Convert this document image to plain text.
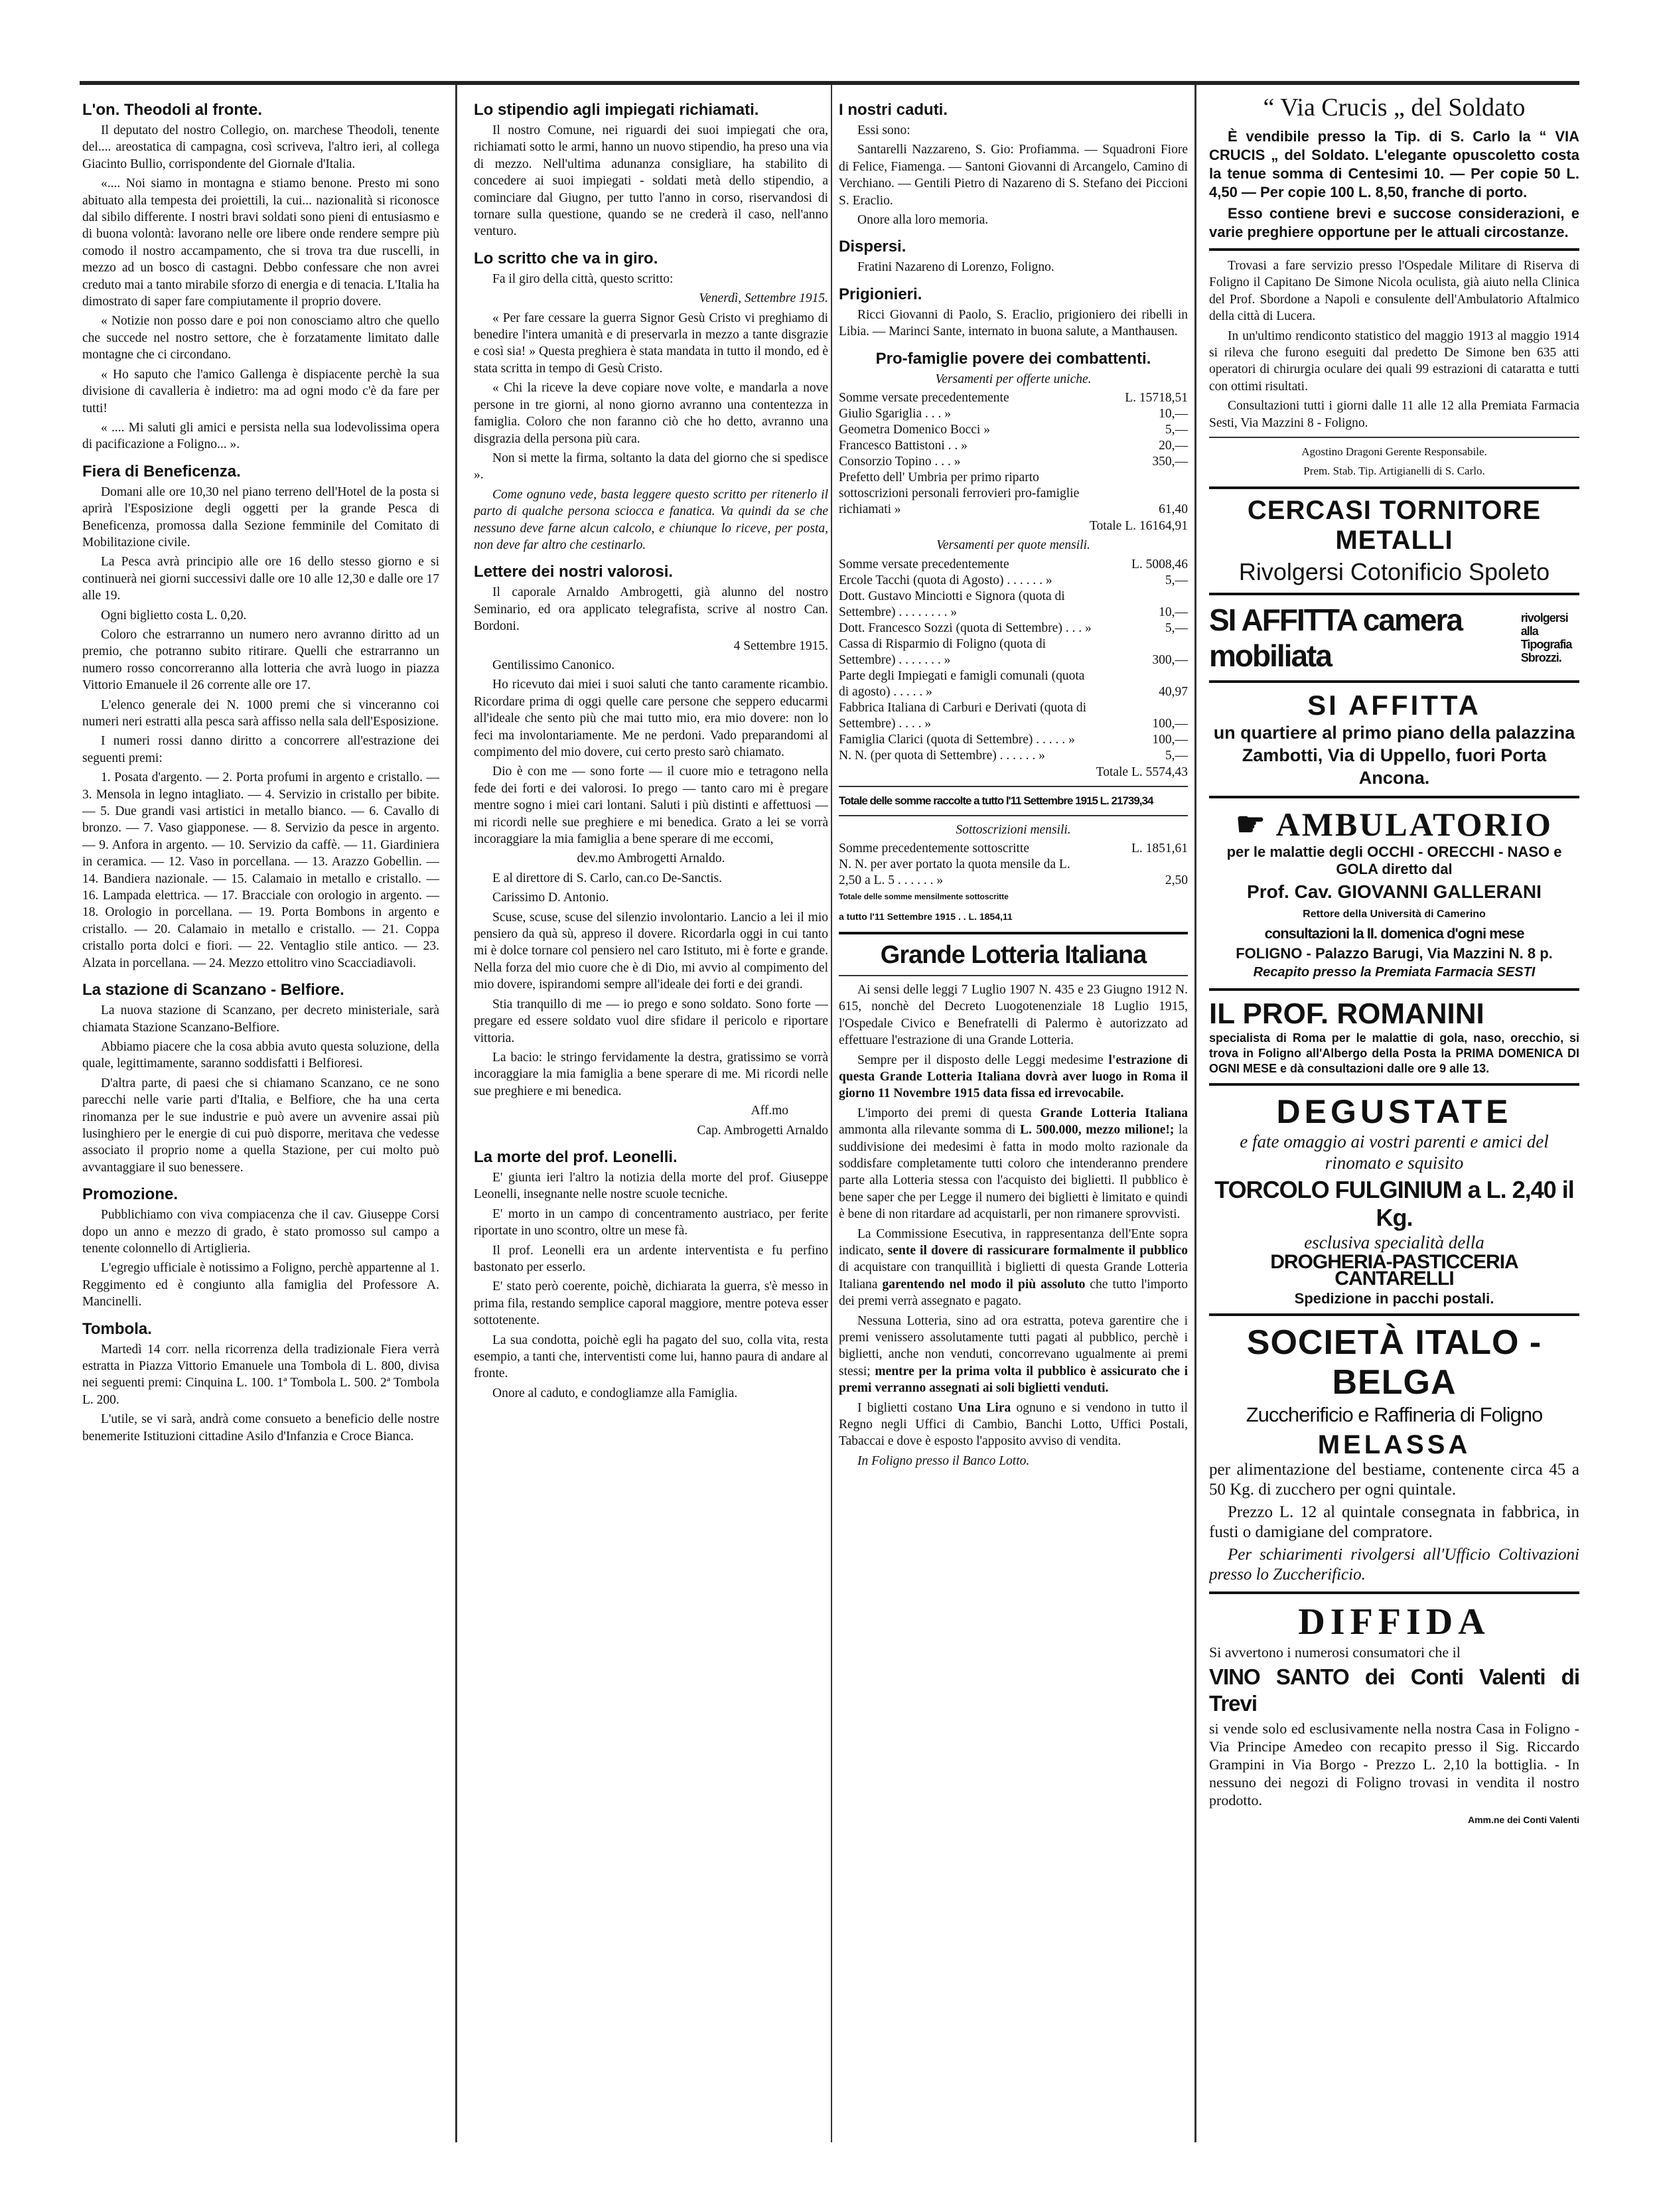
L'on. Theodoli al fronte.

Il deputato del nostro Collegio, on. marchese Theodoli, tenente del.... areostatica di campagna, così scriveva, l'altro ieri, al collega Giacinto Bullio, corrispondente del Giornale d'Italia.

«.... Noi siamo in montagna e stiamo benone. Presto mi sono abituato alla tempesta dei proiettili, la cui... nazionalità si riconosce dal sibilo differente. I nostri bravi soldati sono pieni di entusiasmo e di buona volontà: lavorano nelle ore libere onde rendere sempre più comodo il nostro accampamento, che si trova tra due ruscelli, in mezzo ad un bosco di castagni. Debbo confessare che non avrei creduto mai a tanto mirabile sforzo di energia e di tenacia. L'Italia ha dimostrato di saper fare compiutamente il proprio dovere.

« Notizie non posso dare e poi non conosciamo altro che quello che succede nel nostro settore, che è forzatamente limitato dalle montagne che ci circondano.

« Ho saputo che l'amico Gallenga è dispiacente perchè la sua divisione di cavalleria è indietro: ma ad ogni modo c'è da fare per tutti!

« .... Mi saluti gli amici e persista nella sua lodevolissima opera di pacificazione a Foligno... ».

Fiera di Beneficenza.

Domani alle ore 10,30 nel piano terreno dell'Hotel de la posta si aprirà l'Esposizione degli oggetti per la grande Pesca di Beneficenza, promossa dalla Sezione femminile del Comitato di Mobilitazione civile.

La Pesca avrà principio alle ore 16 dello stesso giorno e si continuerà nei giorni successivi dalle ore 10 alle 12,30 e dalle ore 17 alle 19.

Ogni biglietto costa L. 0,20.

Coloro che estrarranno un numero nero avranno diritto ad un premio, che potranno subito ritirare. Quelli che estrarranno un numero rosso concorreranno alla lotteria che avrà luogo in piazza Vittorio Emanuele il 26 corrente alle ore 17.

L'elenco generale dei N. 1000 premi che si vinceranno coi numeri neri estratti alla pesca sarà affisso nella sala dell'Esposizione.

I numeri rossi danno diritto a concorrere all'estrazione dei seguenti premi:

1. Posata d'argento. — 2. Porta profumi in argento e cristallo. — 3. Mensola in legno intagliato. — 4. Servizio in cristallo per bibite. — 5. Due grandi vasi artistici in metallo bianco. — 6. Cavallo di bronzo. — 7. Vaso giapponese. — 8. Servizio da pesce in argento. — 9. Anfora in argento. — 10. Servizio da caffè. — 11. Giardiniera in ceramica. — 12. Vaso in porcellana. — 13. Arazzo Gobellin. — 14. Bandiera nazionale. — 15. Calamaio in metallo e cristallo. — 16. Lampada elettrica. — 17. Bracciale con orologio in argento. — 18. Orologio in porcellana. — 19. Porta Bombons in argento e cristallo. — 20. Calamaio in metallo e cristallo. — 21. Coppa cristallo porta dolci e fiori. — 22. Ventaglio stile antico. — 23. Alzata in porcellana. — 24. Mezzo ettolitro vino Scacciadiavoli.

La stazione di Scanzano - Belfiore.

La nuova stazione di Scanzano, per decreto ministeriale, sarà chiamata Stazione Scanzano-Belfiore.

Abbiamo piacere che la cosa abbia avuto questa soluzione, della quale, legittimamente, saranno soddisfatti i Belfioresi.

D'altra parte, di paesi che si chiamano Scanzano, ce ne sono parecchi nelle varie parti d'Italia, e Belfiore, che ha una certa rinomanza per le sue industrie e può avere un avvenire assai più lusinghiero per le energie di cui può disporre, meritava che vedesse associato il proprio nome a quella Stazione, per cui molto può avvantaggiare il suo benessere.

Promozione.

Pubblichiamo con viva compiacenza che il cav. Giuseppe Corsi dopo un anno e mezzo di grado, è stato promosso sul campo a tenente colonnello di Artiglieria.

L'egregio ufficiale è notissimo a Foligno, perchè appartenne al 1. Reggimento ed è congiunto alla famiglia del Professore A. Mancinelli.

Tombola.

Martedì 14 corr. nella ricorrenza della tradizionale Fiera verrà estratta in Piazza Vittorio Emanuele una Tombola di L. 800, divisa nei seguenti premi: Cinquina L. 100. 1ª Tombola L. 500. 2ª Tombola L. 200.

L'utile, se vi sarà, andrà come consueto a beneficio delle nostre benemerite Istituzioni cittadine Asilo d'Infanzia e Croce Bianca.

Lo stipendio agli impiegati richiamati.

Il nostro Comune, nei riguardi dei suoi impiegati che ora, richiamati sotto le armi, hanno un nuovo stipendio, ha preso una via di mezzo. Nell'ultima adunanza consigliare, ha stabilito di concedere ai suoi impiegati - soldati metà dello stipendio, a cominciare dal Giugno, per tutto l'anno in corso, riservandosi di tornare sulla questione, quando se ne crederà il caso, nell'anno venturo.

Lo scritto che va in giro.

Fa il giro della città, questo scritto:

Venerdì, Settembre 1915.

« Per fare cessare la guerra Signor Gesù Cristo vi preghiamo di benedire l'intera umanità e di preservarla in mezzo a tante disgrazie e così sia! » Questa preghiera è stata mandata in tutto il mondo, ed è stata scritta in tempo di Gesù Cristo.

« Chi la riceve la deve copiare nove volte, e mandarla a nove persone in tre giorni, al nono giorno avranno una contentezza in famiglia. Coloro che non faranno ciò che ho detto, avranno una disgrazia della persona più cara.

Non si mette la firma, soltanto la data del giorno che si spedisce ».

Come ognuno vede, basta leggere questo scritto per ritenerlo il parto di qualche persona sciocca e fanatica. Va quindi da se che nessuno deve farne alcun calcolo, e chiunque lo riceve, per posta, non deve far altro che cestinarlo.

Lettere dei nostri valorosi.

Il caporale Arnaldo Ambrogetti, già alunno del nostro Seminario, ed ora applicato telegrafista, scrive al nostro Can. Bordoni.

4 Settembre 1915.

Gentilissimo Canonico.

Ho ricevuto dai miei i suoi saluti che tanto caramente ricambio. Ricordare prima di oggi quelle care persone che seppero educarmi all'ideale che sento più che mai tutto mio, era mio dovere: non lo feci ma involontariamente. Me ne perdoni. Vado preparandomi al compimento del mio dovere, cui certo presto sarò chiamato.

Dio è con me — sono forte — il cuore mio e tetragono nella fede dei forti e dei valorosi. Io prego — tanto caro mi è pregare mentre sogno i miei cari lontani. Saluti i più distinti e affettuosi — mi ricordi nelle sue preghiere e mi benedica. Grato a lei se vorrà incoraggiare la mia famiglia a bene sperare di me eccomi,

dev.mo Ambrogetti Arnaldo.

E al direttore di S. Carlo, can.co De-Sanctis.

Carissimo D. Antonio.

Scuse, scuse, scuse del silenzio involontario. Lancio a lei il mio pensiero da quà sù, appreso il dovere. Ricordarla oggi in cui tanto mi è dolce tornare col pensiero nel caro Istituto, mi è forte e grande. Nella forza del mio cuore che è di Dio, mi avvio al compimento del mio dovere, ispirandomi sempre all'ideale dei forti e dei grandi.

Stia tranquillo di me — io prego e sono soldato. Sono forte — pregare ed essere soldato vuol dire sfidare il pericolo e riportare vittoria.

La bacio: le stringo fervidamente la destra, gratissimo se vorrà incoraggiare la mia famiglia a bene sperare di me. Mi ricordi nelle sue preghiere e mi benedica.

Aff.mo

Cap. Ambrogetti Arnaldo

La morte del prof. Leonelli.

E' giunta ieri l'altro la notizia della morte del prof. Giuseppe Leonelli, insegnante nelle nostre scuole tecniche.

E' morto in un campo di concentramento austriaco, per ferite riportate in uno scontro, oltre un mese fà.

Il prof. Leonelli era un ardente interventista e fu perfino bastonato per esserlo.

E' stato però coerente, poichè, dichiarata la guerra, s'è messo in prima fila, restando semplice caporal maggiore, mentre poteva esser sottotenente.

La sua condotta, poichè egli ha pagato del suo, colla vita, resta esempio, a tanti che, interventisti come lui, hanno paura di andare al fronte.

Onore al caduto, e condogliamze alla Famiglia.

I nostri caduti.

Essi sono:

Santarelli Nazzareno, S. Gio: Profiamma. — Squadroni Fiore di Felice, Fiamenga. — Santoni Giovanni di Arcangelo, Camino di Verchiano. — Gentili Pietro di Nazareno di S. Stefano dei Piccioni S. Eraclio.

Onore alla loro memoria.

Dispersi.

Fratini Nazareno di Lorenzo, Foligno.

Prigionieri.

Ricci Giovanni di Paolo, S. Eraclio, prigioniero dei ribelli in Libia. — Marinci Sante, internato in buona salute, a Manthausen.

Pro-famiglie povere dei combattenti.

Versamenti per offerte uniche.

Somme versate precedentemente	L. 15718,51
Giulio Sgariglia . . . »	10,—
Geometra Domenico Bocci »	5,—
Francesco Battistoni . . »	20,—
Consorzio Topino . . . »	350,—
Prefetto dell' Umbria per primo riparto sottoscrizioni personali ferrovieri pro-famiglie richiamati »	61,40

Totale L. 16164,91

Versamenti per quote mensili.

Somme versate precedentemente	L. 5008,46
Ercole Tacchi (quota di Agosto) . . . . . . »	5,—
Dott. Gustavo Minciotti e Signora (quota di Settembre) . . . . . . . . »	10,—
Dott. Francesco Sozzi (quota di Settembre) . . . »	5,—
Cassa di Risparmio di Foligno (quota di Settembre) . . . . . . . »	300,—
Parte degli Impiegati e famigli comunali (quota di agosto) . . . . . »	40,97
Fabbrica Italiana di Carburi e Derivati (quota di Settembre) . . . . »	100,—
Famiglia Clarici (quota di Settembre) . . . . . »	100,—
N. N. (per quota di Settembre) . . . . . . »	5,—

Totale L. 5574,43

Totale delle somme raccolte a tutto l'11 Settembre 1915 L. 21739,34

Sottoscrizioni mensili.

Somme precedentemente sottoscritte	L. 1851,61
N. N. per aver portato la quota mensile da L. 2,50 a L. 5 . . . . . . »	2,50

Totale delle somme mensilmente sottoscritte

a tutto l'11 Settembre 1915 . . L. 1854,11

Grande Lotteria Italiana

Ai sensi delle leggi 7 Luglio 1907 N. 435 e 23 Giugno 1912 N. 615, nonchè del Decreto Luogotenenziale 18 Luglio 1915, l'Ospedale Civico e Benefratelli di Palermo è autorizzato ad effettuare l'estrazione di una Grande Lotteria.

Sempre per il disposto delle Leggi medesime l'estrazione di questa Grande Lotteria Italiana dovrà aver luogo in Roma il giorno 11 Novembre 1915 data fissa ed irrevocabile.

L'importo dei premi di questa Grande Lotteria Italiana ammonta alla rilevante somma di L. 500.000, mezzo milione!; la suddivisione dei medesimi è fatta in modo molto razionale da soddisfare completamente tutti coloro che intenderanno prendere parte alla Lotteria stessa con l'acquisto dei biglietti. Il pubblico è bene saper che per Legge il numero dei biglietti è limitato e quindi è bene di non ritardare ad acquistarli, per non rimanere sprovvisti.

La Commissione Esecutiva, in rappresentanza dell'Ente sopra indicato, sente il dovere di rassicurare formalmente il pubblico di acquistare con tranquillità i biglietti di questa Grande Lotteria Italiana garentendo nel modo il più assoluto che tutto l'importo dei premi verrà assegnato e pagato.

Nessuna Lotteria, sino ad ora estratta, poteva garentire che i premi venissero assolutamente tutti pagati al pubblico, perchè i biglietti, anche non venduti, concorrevano ugualmente ai premi stessi; mentre per la prima volta il pubblico è assicurato che i premi verranno assegnati ai soli biglietti venduti.

I biglietti costano Una Lira ognuno e si vendono in tutto il Regno negli Uffici di Cambio, Banchi Lotto, Uffici Postali, Tabaccai e dove è esposto l'apposito avviso di vendita.

In Foligno presso il Banco Lotto.

“ Via Crucis „ del Soldato

È vendibile presso la Tip. di S. Carlo la “ VIA CRUCIS „ del Soldato. L'elegante opuscoletto costa la tenue somma di Centesimi 10. — Per copie 50 L. 4,50 — Per copie 100 L. 8,50, franche di porto.

Esso contiene brevi e succose considerazioni, e varie preghiere opportune per le attuali circostanze.

Trovasi a fare servizio presso l'Ospedale Militare di Riserva di Foligno il Capitano De Simone Nicola oculista, già aiuto nella Clinica del Prof. Sbordone a Napoli e consulente dell'Ambulatorio Aftalmico della città di Lucera.

In un'ultimo rendiconto statistico del maggio 1913 al maggio 1914 si rileva che furono eseguiti dal predetto De Simone ben 635 atti operatori di chirurgia oculare dei quali 99 estrazioni di cataratta e tutti con ottimi risultati.

Consultazioni tutti i giorni dalle 11 alle 12 alla Premiata Farmacia Sesti, Via Mazzini 8 - Foligno.

Agostino Dragoni Gerente Responsabile.

Prem. Stab. Tip. Artigianelli di S. Carlo.

CERCASI TORNITORE METALLI
Rivolgersi Cotonificio Spoleto
SI AFFITTA camera mobiliata
rivolgersi alla Tipografia Sbrozzi.
SI AFFITTA

un quartiere al primo piano della palazzina Zambotti, Via di Uppello, fuori Porta Ancona.

☛ AMBULATORIO

per le malattie degli OCCHI - ORECCHI - NASO e GOLA diretto dal

Prof. Cav. GIOVANNI GALLERANI

Rettore della Università di Camerino

consultazioni la II. domenica d'ogni mese

FOLIGNO - Palazzo Barugi, Via Mazzini N. 8 p.

Recapito presso la Premiata Farmacia SESTI

IL PROF. ROMANINI

specialista di Roma per le malattie di gola, naso, orecchio, si trova in Foligno all'Albergo della Posta la PRIMA DOMENICA DI OGNI MESE e dà consultazioni dalle ore 9 alle 13.

DEGUSTATE

e fate omaggio ai vostri parenti e amici del rinomato e squisito

TORCOLO FULGINIUM a L. 2,40 il Kg.

esclusiva specialità della

DROGHERIA-PASTICCERIA CANTARELLI

Spedizione in pacchi postali.

SOCIETÀ ITALO - BELGA

Zuccherificio e Raffineria di Foligno

MELASSA

per alimentazione del bestiame, contenente circa 45 a 50 Kg. di zucchero per ogni quintale.

Prezzo L. 12 al quintale consegnata in fabbrica, in fusti o damigiane del compratore.

Per schiarimenti rivolgersi all'Ufficio Coltivazioni presso lo Zuccherificio.

DIFFIDA

Si avvertono i numerosi consumatori che il

VINO SANTO dei Conti Valenti di Trevi

si vende solo ed esclusivamente nella nostra Casa in Foligno - Via Principe Amedeo con recapito presso il Sig. Riccardo Grampini in Via Borgo - Prezzo L. 2,10 la bottiglia. - In nessuno dei negozi di Foligno trovasi in vendita il nostro prodotto.

Amm.ne dei Conti Valenti
